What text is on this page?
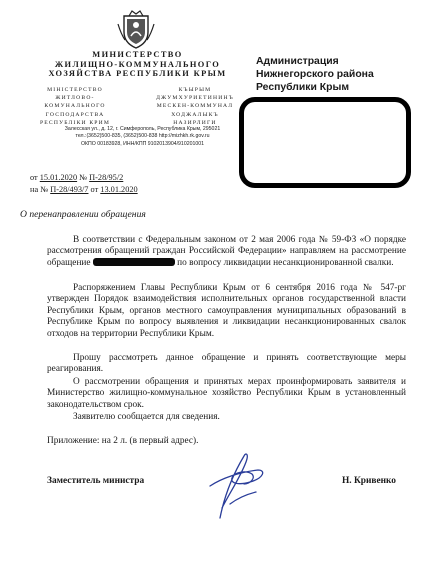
МИНИСТЕРСТВО
ЖИЛИЩНО-КОММУНАЛЬНОГО
ХОЗЯЙСТВА РЕСПУБЛИКИ КРЫМ
МІНІСТЕРСТВО
ЖИТЛОВО-
КОМУНАЛЬНОГО
ГОСПОДАРСТВА
РЕСПУБЛІКИ КРИМ
КЪЫРЫМ
ДЖУМХУРИЕТИНИНЪ
МЕСКЕН-КОММУНАЛ
ХОДЖАЛЫКЪ
НАЗИРЛИГИ
Залесская ул., д. 12, г. Симферополь, Республика Крым, 295021
тел.:(3652)500-835, (3652)500-838 http://mizhkh.rk.gov.ru
ОКПО 00183928, ИНН/КПП 9102013904/910201001
Администрация
Нижнегорского района
Республики Крым
от 15.01.2020 № П-28/95/2
на № П-28/493/7 от 13.01.2020
О перенаправлении обращения

В соответствии с Федеральным законом от 2 мая 2006 года № 59-ФЗ «О порядке рассмотрения обращений граждан Российской Федерации» направляем на рассмотрение обращение	по вопросу ликвидации несанкционированной свалки.

Распоряжением Главы Республики Крым от 6 сентября 2016 года № 547-рг утвержден Порядок взаимодействия исполнительных органов государственной власти Республики Крым, органов местного самоуправления муниципальных образований в Республике Крым по вопросу выявления и ликвидации несанкционированных свалок отходов на территории Республики Крым.

Прошу рассмотреть данное обращение и принять соответствующие меры реагирования.

О рассмотрении обращения и принятых мерах проинформировать заявителя и Министерство жилищно-коммунальное хозяйство Республики Крым в установленный законодательством срок.

Заявителю сообщается для сведения.

Приложение: на 2 л. (в первый адрес).
Заместитель министра	Н. Кривенко
